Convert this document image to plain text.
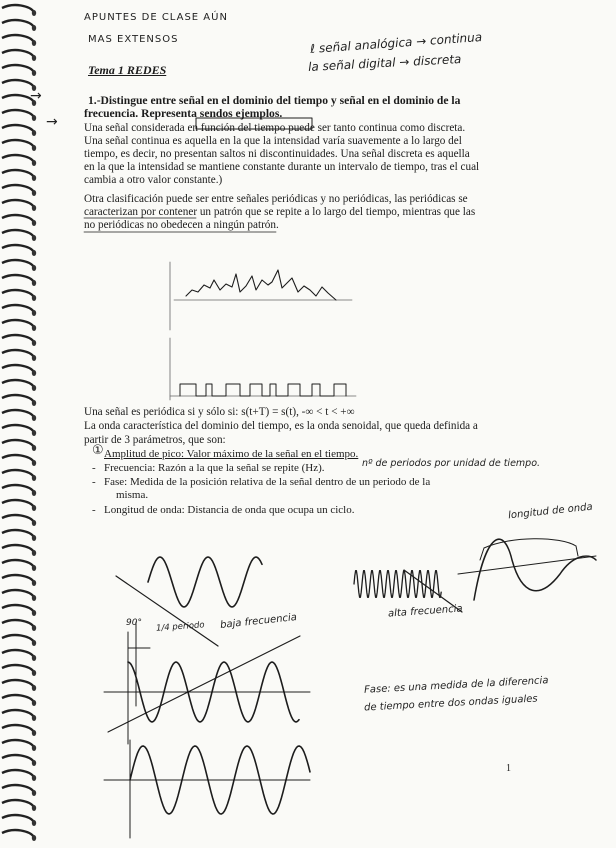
APUNTES DE CLASE AÚN
MAS EXTENSOS	ℓ señal analógica → continua
la señal digital → discreta
Tema 1 REDES
1.-Distingue entre señal en el dominio del tiempo y señal en el dominio de la
frecuencia. Representa sendos ejemplos.
Una señal considerada en función del tiempo puede ser tanto continua como discreta.
Una señal continua es aquella en la que la intensidad varía suavemente a lo largo del
tiempo, es decir, no presentan saltos ni discontinuidades. Una señal discreta es aquella
en la que la intensidad se mantiene constante durante un intervalo de tiempo, tras el cual
cambia a otro valor constante.)
Otra clasificación puede ser entre señales periódicas y no periódicas, las periódicas se
caracterizan por contener un patrón que se repite a lo largo del tiempo, mientras que las
no periódicas no obedecen a ningún patrón.
Una señal es periódica si y sólo si: s(t+T) = s(t), -∞ < t < +∞
La onda característica del dominio del tiempo, es la onda senoidal, que queda definida a
partir de 3 parámetros, que son:
① Amplitud de pico: Valor máximo de la señal en el tiempo.
- Frecuencia: Razón a la que la señal se repite (Hz).	nº de periodos por unidad de tiempo.
- Fase: Medida de la posición relativa de la señal dentro de un periodo de la
misma.
- Longitud de onda: Distancia de onda que ocupa un ciclo.	longitud de onda
baja frecuencia
alta frecuencia
90° 1/4 periodo
Fase: es una medida de la diferencia
de tiempo entre dos ondas iguales
→
→
1
